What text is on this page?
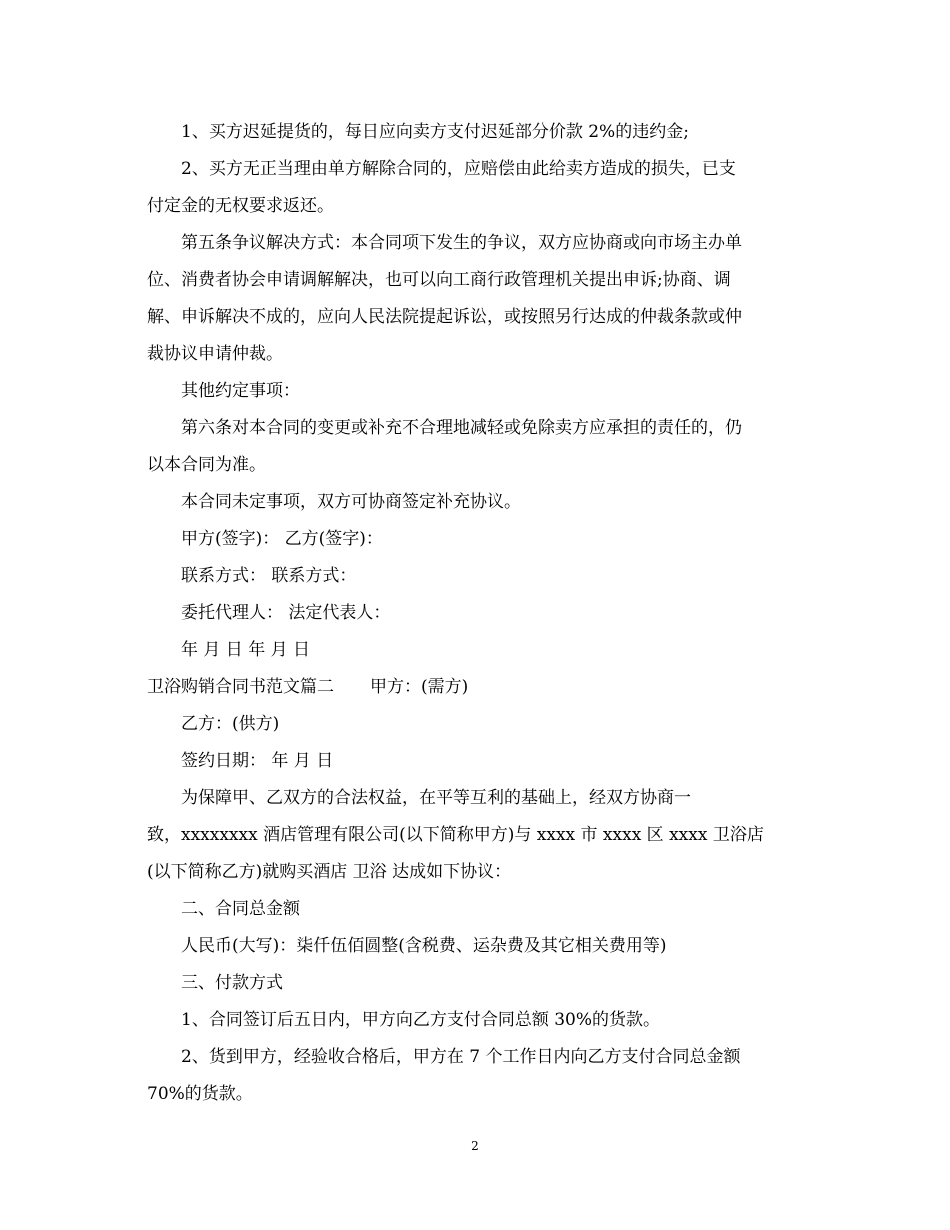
1、买方迟延提货的，每日应向卖方支付迟延部分价款 2%的违约金;
2、买方无正当理由单方解除合同的，应赔偿由此给卖方造成的损失，已支
付定金的无权要求返还。
第五条争议解决方式：本合同项下发生的争议，双方应协商或向市场主办单
位、消费者协会申请调解解决，也可以向工商行政管理机关提出申诉;协商、调
解、申诉解决不成的，应向人民法院提起诉讼，或按照另行达成的仲裁条款或仲
裁协议申请仲裁。
其他约定事项：
第六条对本合同的变更或补充不合理地减轻或免除卖方应承担的责任的，仍
以本合同为准。
本合同未定事项，双方可协商签定补充协议。
甲方(签字)： 乙方(签字)：
联系方式： 联系方式：
委托代理人： 法定代表人：
年 月 日 年 月 日
卫浴购销合同书范文篇二 甲方：(需方)
乙方：(供方)
签约日期： 年 月 日
为保障甲、乙双方的合法权益，在平等互利的基础上，经双方协商一
致，xxxxxxxx 酒店管理有限公司(以下简称甲方)与 xxxx 市 xxxx 区 xxxx 卫浴店
(以下简称乙方)就购买酒店 卫浴 达成如下协议：
二、合同总金额
人民币(大写)：柒仟伍佰圆整(含税费、运杂费及其它相关费用等)
三、付款方式
1、合同签订后五日内，甲方向乙方支付合同总额 30%的货款。
2、货到甲方，经验收合格后，甲方在 7 个工作日内向乙方支付合同总金额
70%的货款。
2
